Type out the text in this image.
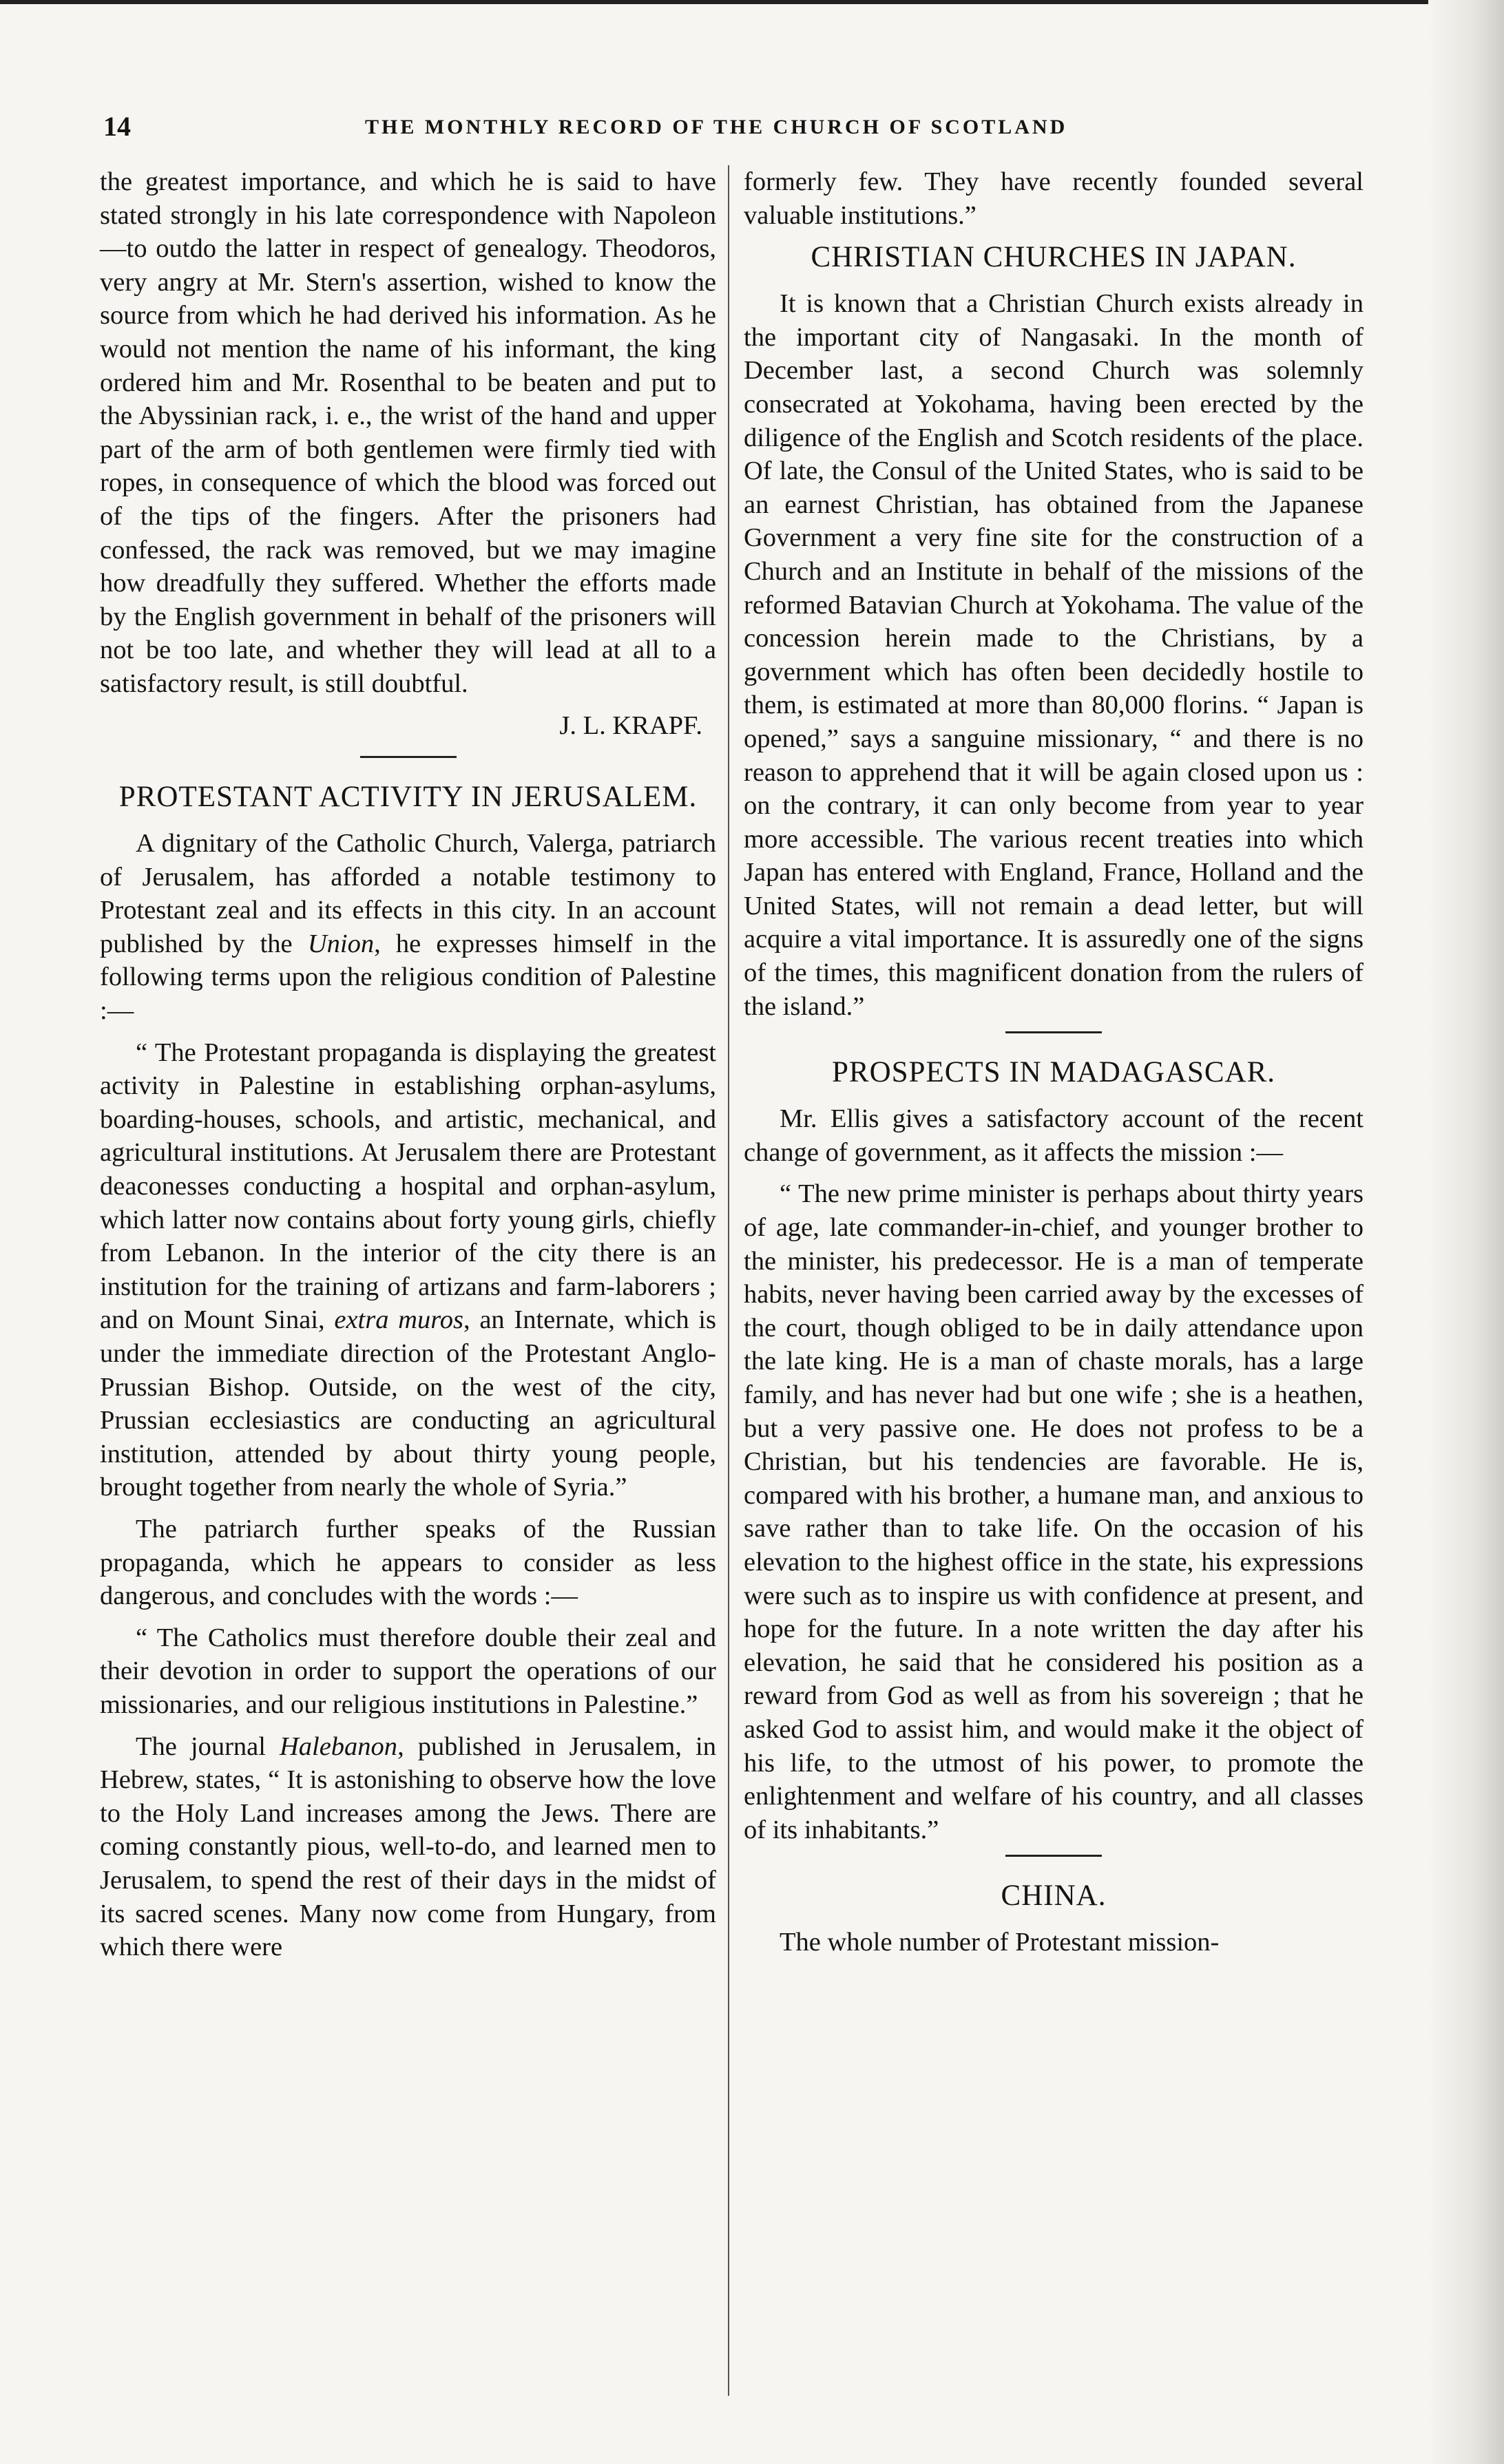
14	THE MONTHLY RECORD OF THE CHURCH OF SCOTLAND

the greatest importance, and which he is said to have stated strongly in his late correspondence with Napoleon—to outdo the latter in respect of genealogy. Theodoros, very angry at Mr. Stern's assertion, wished to know the source from which he had derived his information. As he would not mention the name of his informant, the king ordered him and Mr. Rosenthal to be beaten and put to the Abyssinian rack, i. e., the wrist of the hand and upper part of the arm of both gentlemen were firmly tied with ropes, in consequence of which the blood was forced out of the tips of the fingers. After the prisoners had confessed, the rack was removed, but we may imagine how dreadfully they suffered. Whether the efforts made by the English government in behalf of the prisoners will not be too late, and whether they will lead at all to a satisfactory result, is still doubtful.

J. L. KRAPF.

PROTESTANT ACTIVITY IN JERUSALEM.

A dignitary of the Catholic Church, Valerga, patriarch of Jerusalem, has afforded a notable testimony to Protestant zeal and its effects in this city. In an account published by the Union, he expresses himself in the following terms upon the religious condition of Palestine :—

“ The Protestant propaganda is displaying the greatest activity in Palestine in establishing orphan-asylums, boarding-houses, schools, and artistic, mechanical, and agricultural institutions. At Jerusalem there are Protestant deaconesses conducting a hospital and orphan-asylum, which latter now contains about forty young girls, chiefly from Lebanon. In the interior of the city there is an institution for the training of artizans and farm-laborers ; and on Mount Sinai, extra muros, an Internate, which is under the immediate direction of the Protestant Anglo-Prussian Bishop. Outside, on the west of the city, Prussian ecclesiastics are conducting an agricultural institution, attended by about thirty young people, brought together from nearly the whole of Syria.”

The patriarch further speaks of the Russian propaganda, which he appears to consider as less dangerous, and concludes with the words :—

“ The Catholics must therefore double their zeal and their devotion in order to support the operations of our missionaries, and our religious institutions in Palestine.”

The journal Halebanon, published in Jerusalem, in Hebrew, states, “ It is astonishing to observe how the love to the Holy Land increases among the Jews. There are coming constantly pious, well-to-do, and learned men to Jerusalem, to spend the rest of their days in the midst of its sacred scenes. Many now come from Hungary, from which there were

formerly few. They have recently founded several valuable institutions.”

CHRISTIAN CHURCHES IN JAPAN.

It is known that a Christian Church exists already in the important city of Nangasaki. In the month of December last, a second Church was solemnly consecrated at Yokohama, having been erected by the diligence of the English and Scotch residents of the place. Of late, the Consul of the United States, who is said to be an earnest Christian, has obtained from the Japanese Government a very fine site for the construction of a Church and an Institute in behalf of the missions of the reformed Batavian Church at Yokohama. The value of the concession herein made to the Christians, by a government which has often been decidedly hostile to them, is estimated at more than 80,000 florins. “ Japan is opened,” says a sanguine missionary, “ and there is no reason to apprehend that it will be again closed upon us : on the contrary, it can only become from year to year more accessible. The various recent treaties into which Japan has entered with England, France, Holland and the United States, will not remain a dead letter, but will acquire a vital importance. It is assuredly one of the signs of the times, this magnificent donation from the rulers of the island.”

PROSPECTS IN MADAGASCAR.

Mr. Ellis gives a satisfactory account of the recent change of government, as it affects the mission :—

“ The new prime minister is perhaps about thirty years of age, late commander-in-chief, and younger brother to the minister, his predecessor. He is a man of temperate habits, never having been carried away by the excesses of the court, though obliged to be in daily attendance upon the late king. He is a man of chaste morals, has a large family, and has never had but one wife ; she is a heathen, but a very passive one. He does not profess to be a Christian, but his tendencies are favorable. He is, compared with his brother, a humane man, and anxious to save rather than to take life. On the occasion of his elevation to the highest office in the state, his expressions were such as to inspire us with confidence at present, and hope for the future. In a note written the day after his elevation, he said that he considered his position as a reward from God as well as from his sovereign ; that he asked God to assist him, and would make it the object of his life, to the utmost of his power, to promote the enlightenment and welfare of his country, and all classes of its inhabitants.”

CHINA.

The whole number of Protestant mission-
